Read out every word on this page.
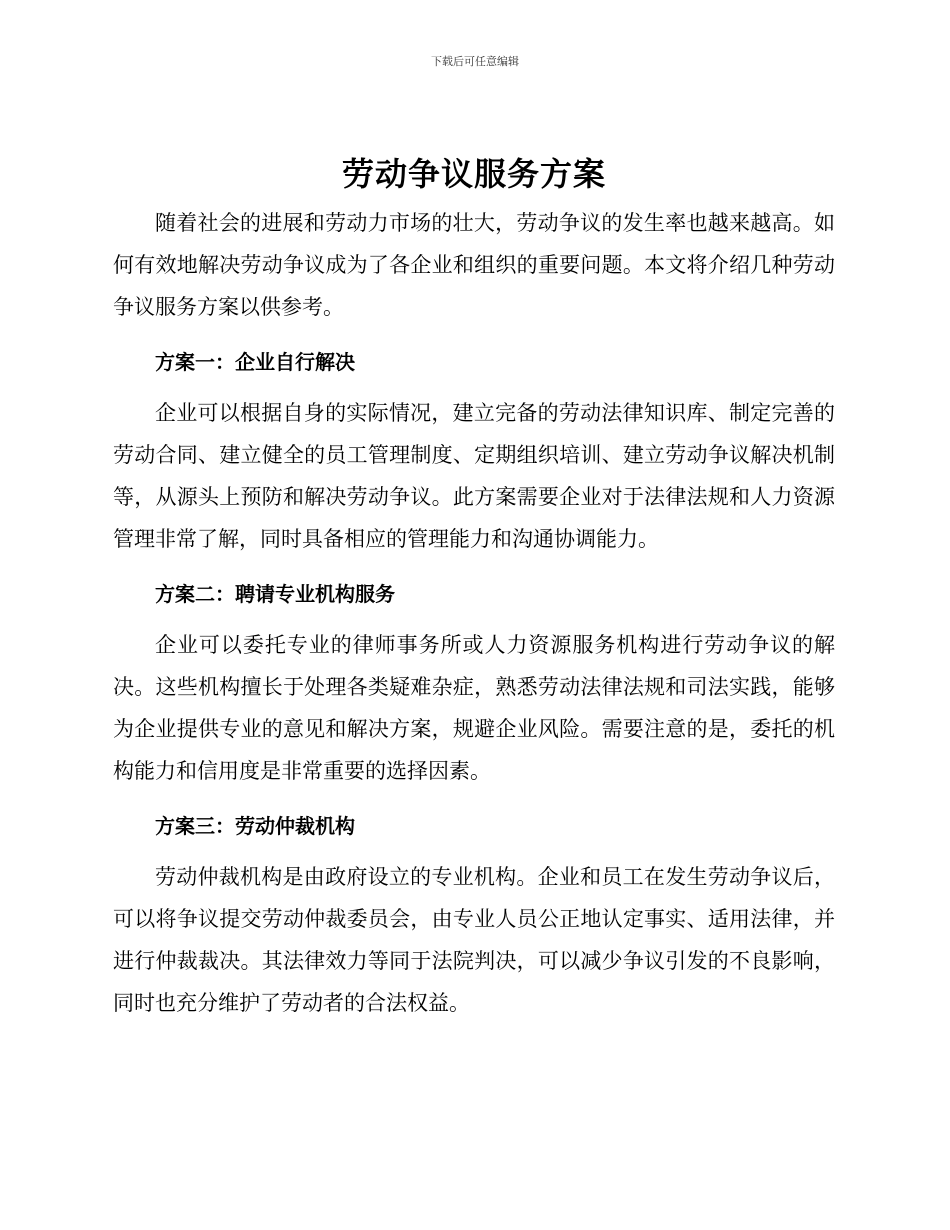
下载后可任意编辑
劳动争议服务方案

随着社会的进展和劳动力市场的壮大，劳动争议的发生率也越来越高。如何有效地解决劳动争议成为了各企业和组织的重要问题。本文将介绍几种劳动争议服务方案以供参考。

方案一：企业自行解决

企业可以根据自身的实际情况，建立完备的劳动法律知识库、制定完善的劳动合同、建立健全的员工管理制度、定期组织培训、建立劳动争议解决机制等，从源头上预防和解决劳动争议。此方案需要企业对于法律法规和人力资源管理非常了解，同时具备相应的管理能力和沟通协调能力。

方案二：聘请专业机构服务

企业可以委托专业的律师事务所或人力资源服务机构进行劳动争议的解决。这些机构擅长于处理各类疑难杂症，熟悉劳动法律法规和司法实践，能够为企业提供专业的意见和解决方案，规避企业风险。需要注意的是，委托的机构能力和信用度是非常重要的选择因素。

方案三：劳动仲裁机构

劳动仲裁机构是由政府设立的专业机构。企业和员工在发生劳动争议后，可以将争议提交劳动仲裁委员会，由专业人员公正地认定事实、适用法律，并进行仲裁裁决。其法律效力等同于法院判决，可以减少争议引发的不良影响，同时也充分维护了劳动者的合法权益。
